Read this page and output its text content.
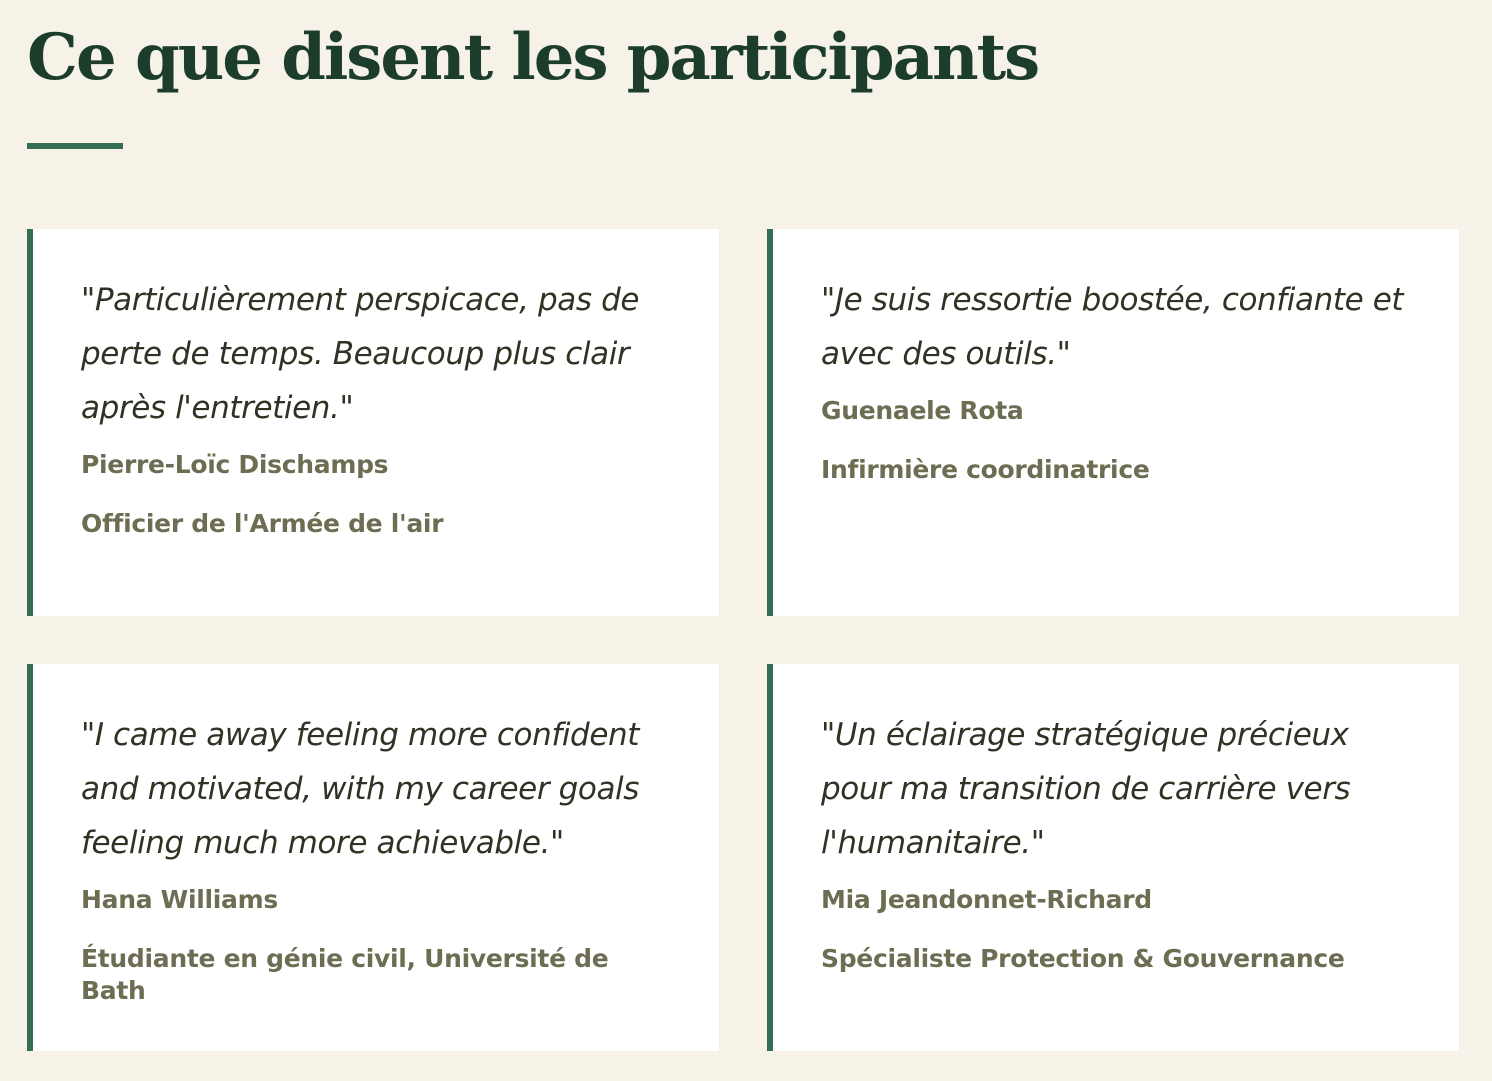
Ce que disent les participants

"Particulièrement perspicace, pas de perte de temps. Beaucoup plus clair après l'entretien."

Pierre-Loïc Dischamps

Officier de l'Armée de l'air

"Je suis ressortie boostée, confiante et avec des outils."

Guenaele Rota

Infirmière coordinatrice

"I came away feeling more confident and motivated, with my career goals feeling much more achievable."

Hana Williams

Étudiante en génie civil, Université de Bath

"Un éclairage stratégique précieux pour ma transition de carrière vers l'humanitaire."

Mia Jeandonnet-Richard

Spécialiste Protection & Gouvernance
